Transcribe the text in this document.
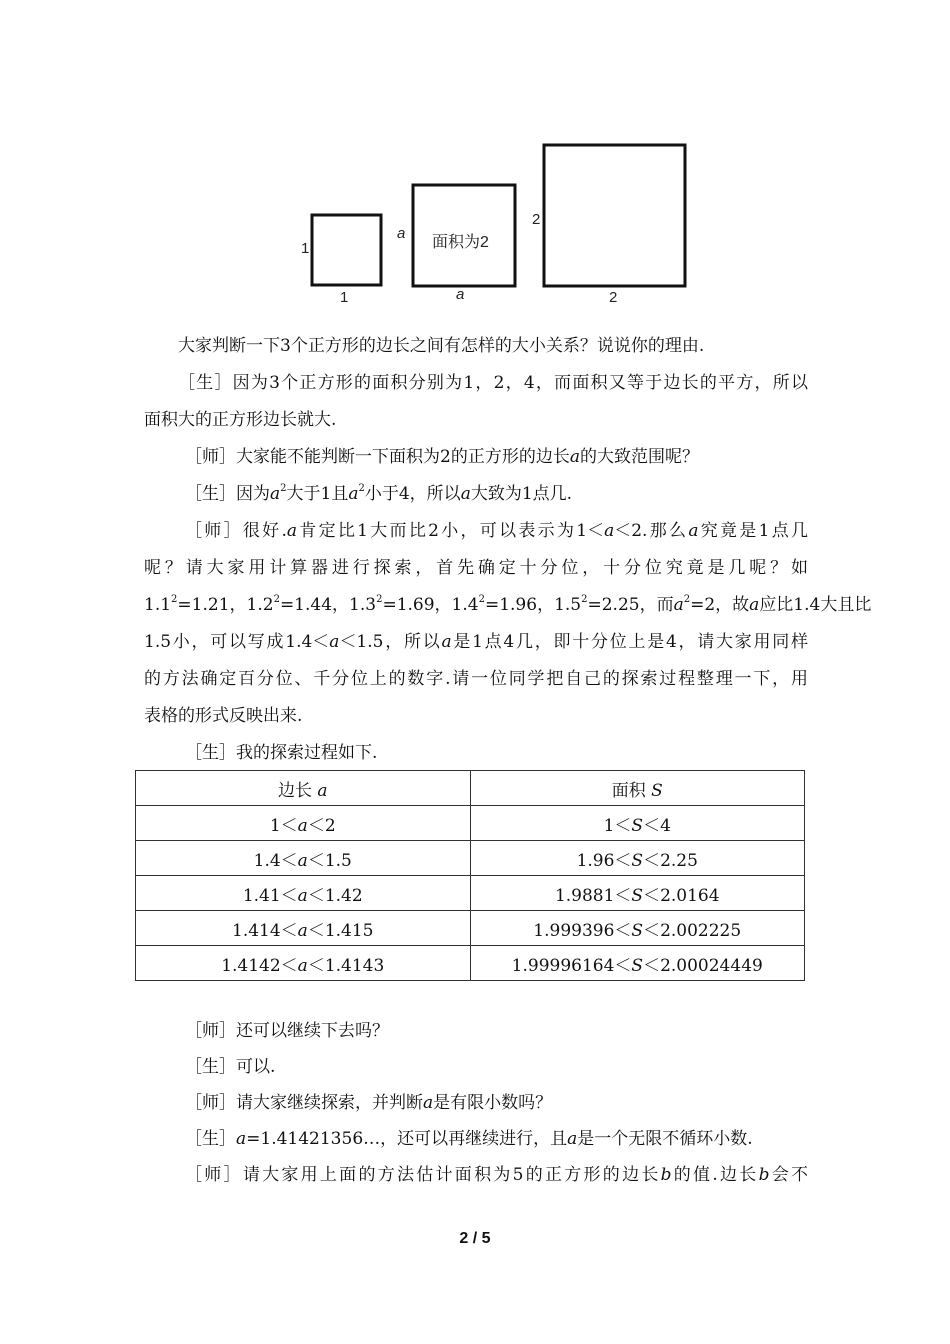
1
1
a
a
面积为2
2
2
大家判断一下3个正方形的边长之间有怎样的大小关系？说说你的理由.
［生］因为3个正方形的面积分别为1，2，4，而面积又等于边长的平方，所以
面积大的正方形边长就大.
［师］大家能不能判断一下面积为2的正方形的边长a的大致范围呢？
［生］因为$a^2$大于1且$a^2$小于4，所以a大致为1点几.
［师］很好.a肯定比1大而比2小，可以表示为1＜a＜2.那么a究竟是1点几
呢？请大家用计算器进行探索，首先确定十分位，十分位究竟是几呢？如
$1.1^2=1.21$，$1.2^2=1.44$，$1.3^2=1.69$，$1.4^2=1.96$，$1.5^2=2.25$，而$a^2=2$，故a应比1.4大且比
1.5小，可以写成1.4＜a＜1.5，所以a是1点4几，即十分位上是4，请大家用同样
的方法确定百分位、千分位上的数字.请一位同学把自己的探索过程整理一下，用
表格的形式反映出来.
［生］我的探索过程如下.
边长 a	面积 S
1＜a＜2	1＜S＜4
1.4＜a＜1.5	1.96＜S＜2.25
1.41＜a＜1.42	1.9881＜S＜2.0164
1.414＜a＜1.415	1.999396＜S＜2.002225
1.4142＜a＜1.4143	1.99996164＜S＜2.00024449
［师］还可以继续下去吗？
［生］可以.
［师］请大家继续探索，并判断a是有限小数吗？
［生］a=1.41421356…，还可以再继续进行，且a是一个无限不循环小数.
［师］请大家用上面的方法估计面积为5的正方形的边长b的值.边长b会不
2 / 5
